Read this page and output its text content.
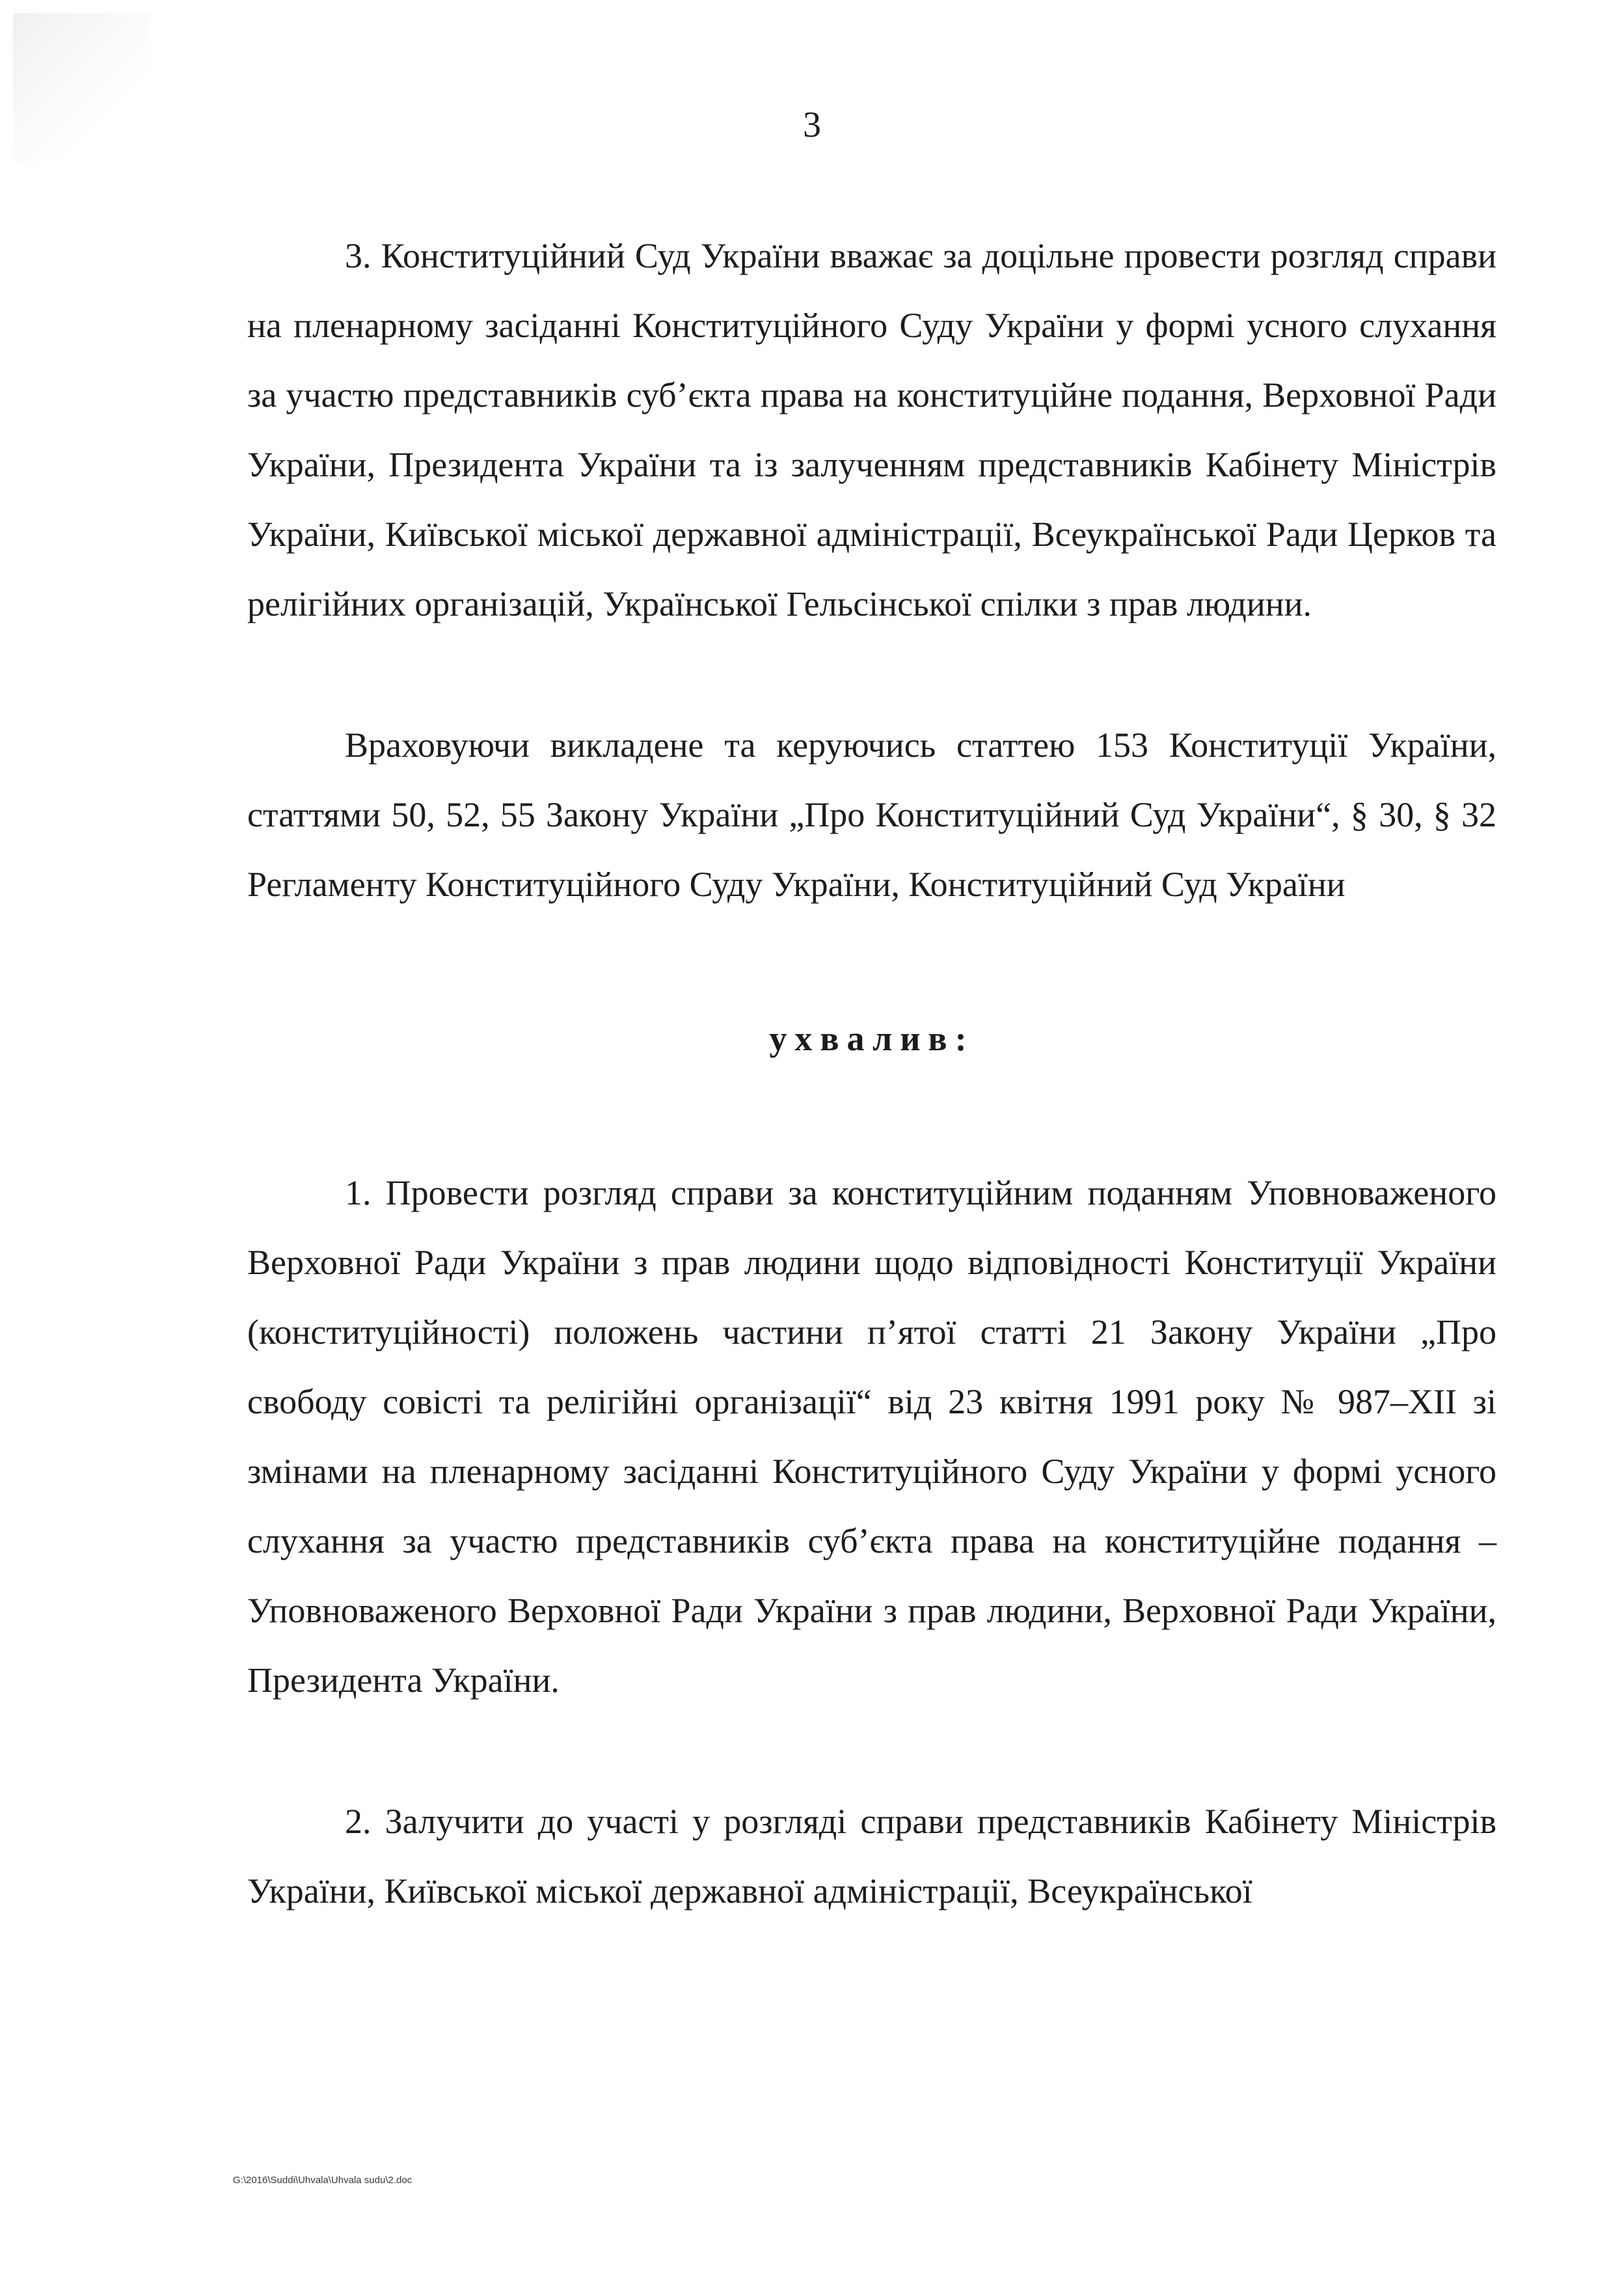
3

3. Конституційний Суд України вважає за доцільне провести розгляд справи на пленарному засіданні Конституційного Суду України у формі усного слухання за участю представників суб’єкта права на конституційне подання, Верховної Ради України, Президента України та із залученням представників Кабінету Міністрів України, Київської міської державної адміністрації, Всеукраїнської Ради Церков та релігійних організацій, Української Гельсінської спілки з прав людини.

Враховуючи викладене та керуючись статтею 153 Конституції України, статтями 50, 52, 55 Закону України „Про Конституційний Суд України“, § 30, § 32 Регламенту Конституційного Суду України, Конституційний Суд України

ухвалив:

1. Провести розгляд справи за конституційним поданням Уповноваженого Верховної Ради України з прав людини щодо відповідності Конституції України (конституційності) положень частини п’ятої статті 21 Закону України „Про свободу совісті та релігійні організації“ від 23 квітня 1991 року № 987–XII зі змінами на пленарному засіданні Конституційного Суду України у формі усного слухання за участю представників суб’єкта права на конституційне подання – Уповноваженого Верховної Ради України з прав людини, Верховної Ради України, Президента України.

2. Залучити до участі у розгляді справи представників Кабінету Міністрів України, Київської міської державної адміністрації, Всеукраїнської

G:\2016\Suddi\Uhvala\Uhvala sudu\2.doc
